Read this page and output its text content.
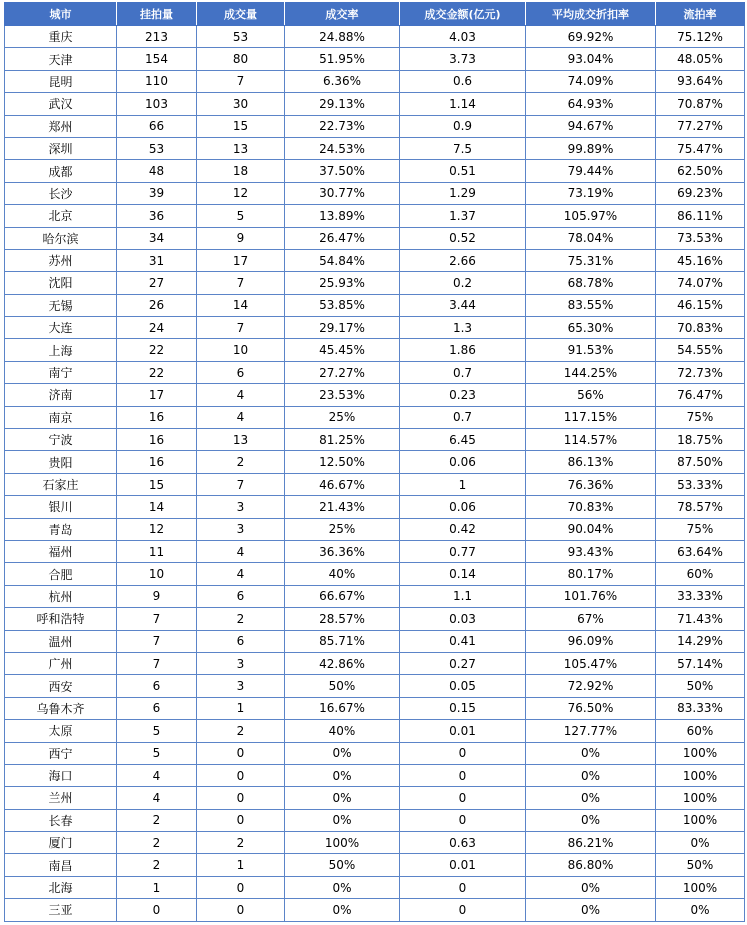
城市	挂拍量	成交量	成交率	成交金额(亿元)	平均成交折扣率	流拍率
重庆	213	53	24.88%	4.03	69.92%	75.12%
天津	154	80	51.95%	3.73	93.04%	48.05%
昆明	110	7	6.36%	0.6	74.09%	93.64%
武汉	103	30	29.13%	1.14	64.93%	70.87%
郑州	66	15	22.73%	0.9	94.67%	77.27%
深圳	53	13	24.53%	7.5	99.89%	75.47%
成都	48	18	37.50%	0.51	79.44%	62.50%
长沙	39	12	30.77%	1.29	73.19%	69.23%
北京	36	5	13.89%	1.37	105.97%	86.11%
哈尔滨	34	9	26.47%	0.52	78.04%	73.53%
苏州	31	17	54.84%	2.66	75.31%	45.16%
沈阳	27	7	25.93%	0.2	68.78%	74.07%
无锡	26	14	53.85%	3.44	83.55%	46.15%
大连	24	7	29.17%	1.3	65.30%	70.83%
上海	22	10	45.45%	1.86	91.53%	54.55%
南宁	22	6	27.27%	0.7	144.25%	72.73%
济南	17	4	23.53%	0.23	56%	76.47%
南京	16	4	25%	0.7	117.15%	75%
宁波	16	13	81.25%	6.45	114.57%	18.75%
贵阳	16	2	12.50%	0.06	86.13%	87.50%
石家庄	15	7	46.67%	1	76.36%	53.33%
银川	14	3	21.43%	0.06	70.83%	78.57%
青岛	12	3	25%	0.42	90.04%	75%
福州	11	4	36.36%	0.77	93.43%	63.64%
合肥	10	4	40%	0.14	80.17%	60%
杭州	9	6	66.67%	1.1	101.76%	33.33%
呼和浩特	7	2	28.57%	0.03	67%	71.43%
温州	7	6	85.71%	0.41	96.09%	14.29%
广州	7	3	42.86%	0.27	105.47%	57.14%
西安	6	3	50%	0.05	72.92%	50%
乌鲁木齐	6	1	16.67%	0.15	76.50%	83.33%
太原	5	2	40%	0.01	127.77%	60%
西宁	5	0	0%	0	0%	100%
海口	4	0	0%	0	0%	100%
兰州	4	0	0%	0	0%	100%
长春	2	0	0%	0	0%	100%
厦门	2	2	100%	0.63	86.21%	0%
南昌	2	1	50%	0.01	86.80%	50%
北海	1	0	0%	0	0%	100%
三亚	0	0	0%	0	0%	0%
